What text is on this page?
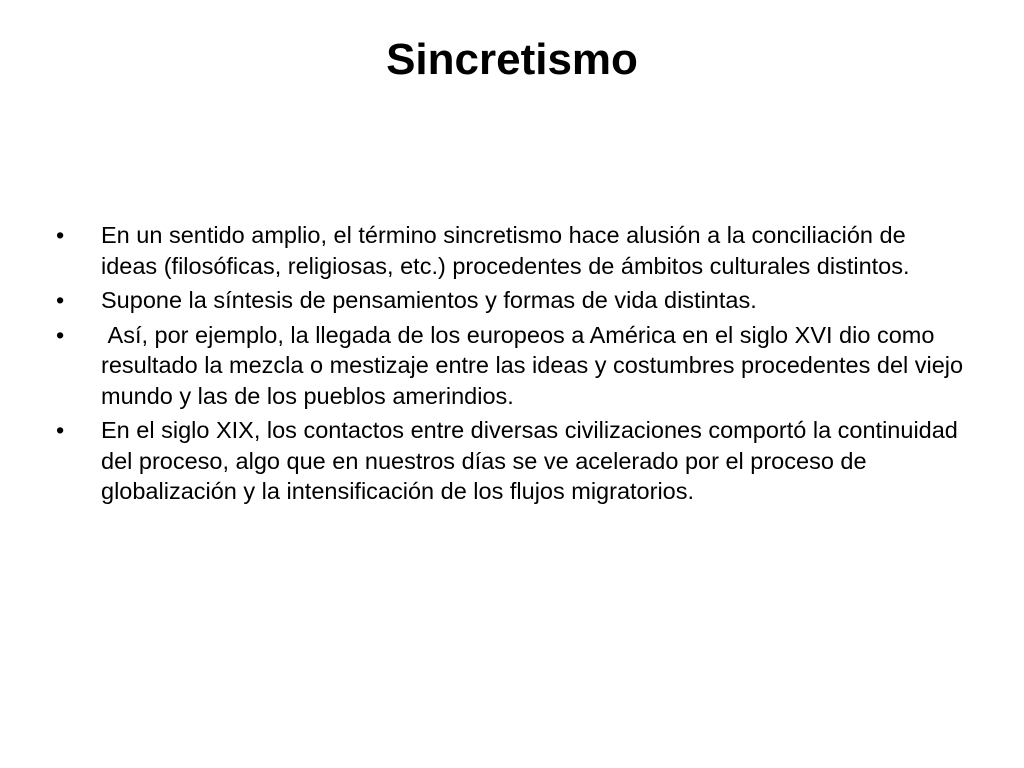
Sincretismo
•	En un sentido amplio, el término sincretismo hace alusión a la conciliación de ideas (filosóficas, religiosas, etc.) procedentes de ámbitos culturales distintos.
•	Supone la síntesis de pensamientos y formas de vida distintas.
•	Así, por ejemplo, la llegada de los europeos a América en el siglo XVI dio como resultado la mezcla o mestizaje entre las ideas y costumbres procedentes del viejo mundo y las de los pueblos amerindios.
•	En el siglo XIX, los contactos entre diversas civilizaciones comportó la continuidad del proceso, algo que en nuestros días se ve acelerado por el proceso de globalización y la intensificación de los flujos migratorios.
